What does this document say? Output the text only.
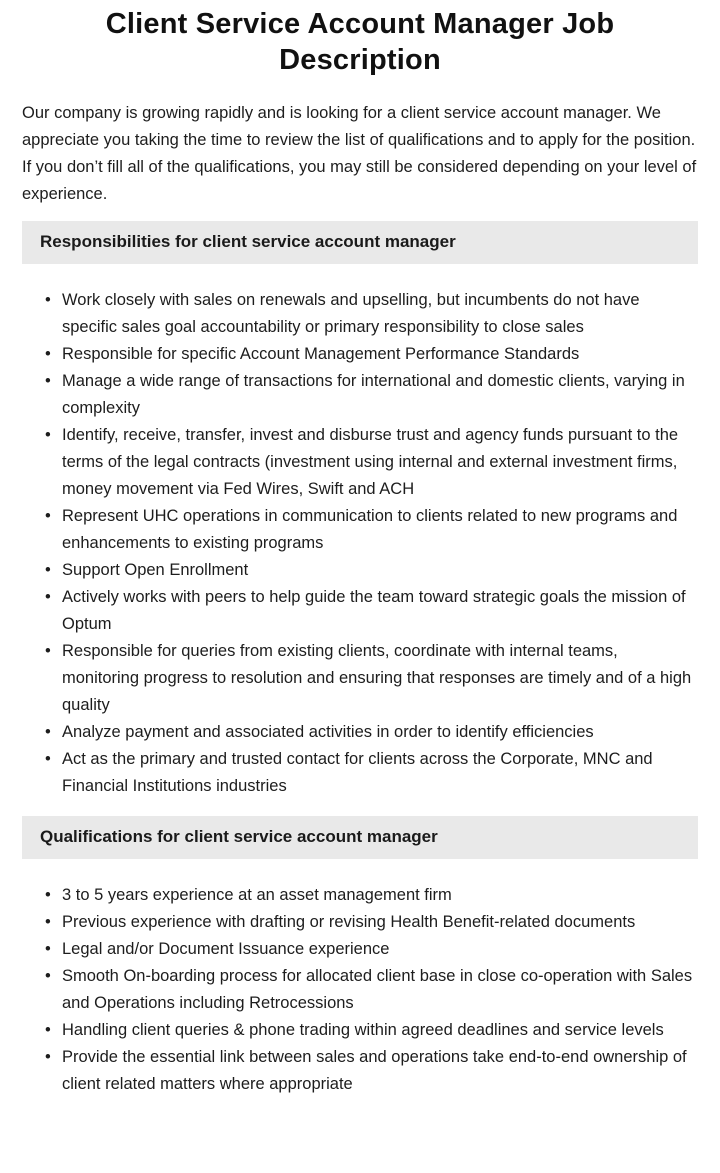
Client Service Account Manager Job Description

Our company is growing rapidly and is looking for a client service account manager. We appreciate you taking the time to review the list of qualifications and to apply for the position. If you don’t fill all of the qualifications, you may still be considered depending on your level of experience.

Responsibilities for client service account manager
• Work closely with sales on renewals and upselling, but incumbents do not have specific sales goal accountability or primary responsibility to close sales
• Responsible for specific Account Management Performance Standards
• Manage a wide range of transactions for international and domestic clients, varying in complexity
• Identify, receive, transfer, invest and disburse trust and agency funds pursuant to the terms of the legal contracts (investment using internal and external investment firms, money movement via Fed Wires, Swift and ACH
• Represent UHC operations in communication to clients related to new programs and enhancements to existing programs
• Support Open Enrollment
• Actively works with peers to help guide the team toward strategic goals the mission of Optum
• Responsible for queries from existing clients, coordinate with internal teams, monitoring progress to resolution and ensuring that responses are timely and of a high quality
• Analyze payment and associated activities in order to identify efficiencies
• Act as the primary and trusted contact for clients across the Corporate, MNC and Financial Institutions industries
Qualifications for client service account manager
• 3 to 5 years experience at an asset management firm
• Previous experience with drafting or revising Health Benefit-related documents
• Legal and/or Document Issuance experience
• Smooth On-boarding process for allocated client base in close co-operation with Sales and Operations including Retrocessions
• Handling client queries & phone trading within agreed deadlines and service levels
• Provide the essential link between sales and operations take end-to-end ownership of client related matters where appropriate
